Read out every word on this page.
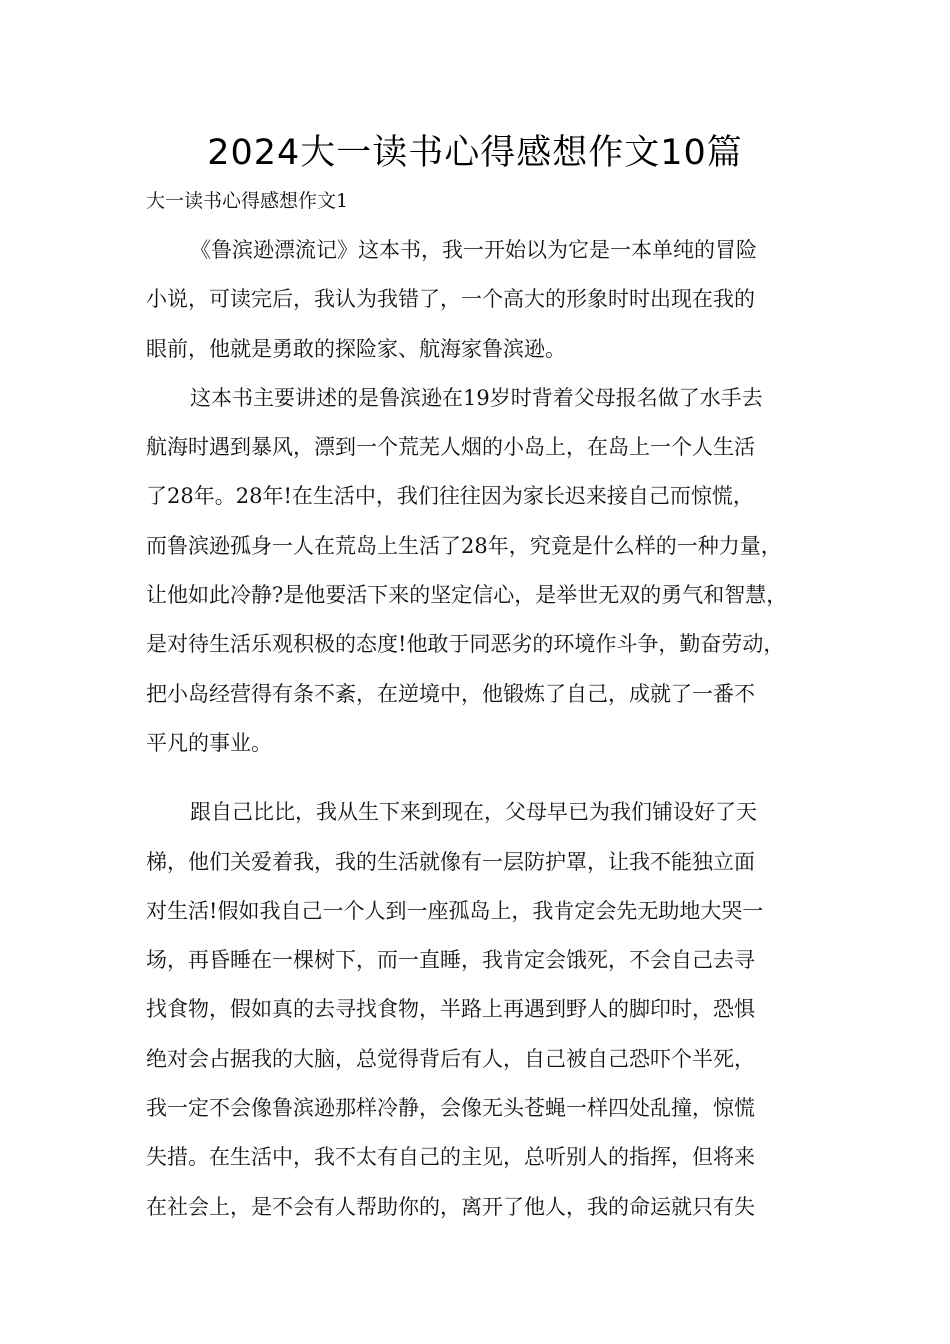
2024大一读书心得感想作文10篇

大一读书心得感想作文1

《鲁滨逊漂流记》这本书，我一开始以为它是一本单纯的冒险
小说，可读完后，我认为我错了，一个高大的形象时时出现在我的
眼前，他就是勇敢的探险家、航海家鲁滨逊。
这本书主要讲述的是鲁滨逊在19岁时背着父母报名做了水手去
航海时遇到暴风，漂到一个荒芜人烟的小岛上，在岛上一个人生活
了28年。28年!在生活中，我们往往因为家长迟来接自己而惊慌，
而鲁滨逊孤身一人在荒岛上生活了28年，究竟是什么样的一种力量，
让他如此冷静?是他要活下来的坚定信心，是举世无双的勇气和智慧，
是对待生活乐观积极的态度!他敢于同恶劣的环境作斗争，勤奋劳动，
把小岛经营得有条不紊，在逆境中，他锻炼了自己，成就了一番不
平凡的事业。
跟自己比比，我从生下来到现在，父母早已为我们铺设好了天
梯，他们关爱着我，我的生活就像有一层防护罩，让我不能独立面
对生活!假如我自己一个人到一座孤岛上，我肯定会先无助地大哭一
场，再昏睡在一棵树下，而一直睡，我肯定会饿死，不会自己去寻
找食物，假如真的去寻找食物，半路上再遇到野人的脚印时，恐惧
绝对会占据我的大脑，总觉得背后有人，自己被自己恐吓个半死，
我一定不会像鲁滨逊那样冷静，会像无头苍蝇一样四处乱撞，惊慌
失措。在生活中，我不太有自己的主见，总听别人的指挥，但将来
在社会上，是不会有人帮助你的，离开了他人，我的命运就只有失
